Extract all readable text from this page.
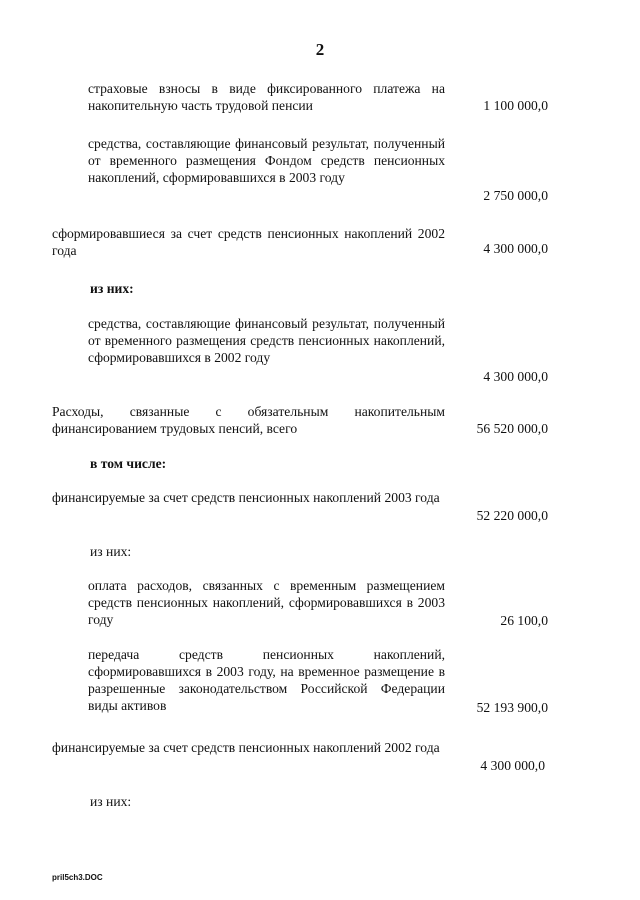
2
страховые взносы в виде фиксированного платежа на накопительную часть трудовой пенсии	1 100 000,0
средства, составляющие финансовый результат, полученный от временного размещения Фондом средств пенсионных накоплений, сформировавшихся в 2003 году
2 750 000,0
сформировавшиеся за счет средств пенсионных накоплений 2002 года	4 300 000,0
из них:
средства, составляющие финансовый результат, полученный от временного размещения средств пенсионных накоплений, сформировавшихся в 2002 году
4 300 000,0
Расходы, связанные с обязательным накопительным финансированием трудовых пенсий, всего	56 520 000,0
в том числе:
финансируемые за счет средств пенсионных накоплений 2003 года
52 220 000,0
из них:
оплата расходов, связанных с временным размещением средств пенсионных накоплений, сформировавшихся в 2003 году	26 100,0
передача средств пенсионных накоплений, сформировавшихся в 2003 году, на временное размещение в разрешенные законодательством Российской Федерации виды активов	52 193 900,0
финансируемые за счет средств пенсионных накоплений 2002 года
4 300 000,0
из них:
pril5ch3.DOC
